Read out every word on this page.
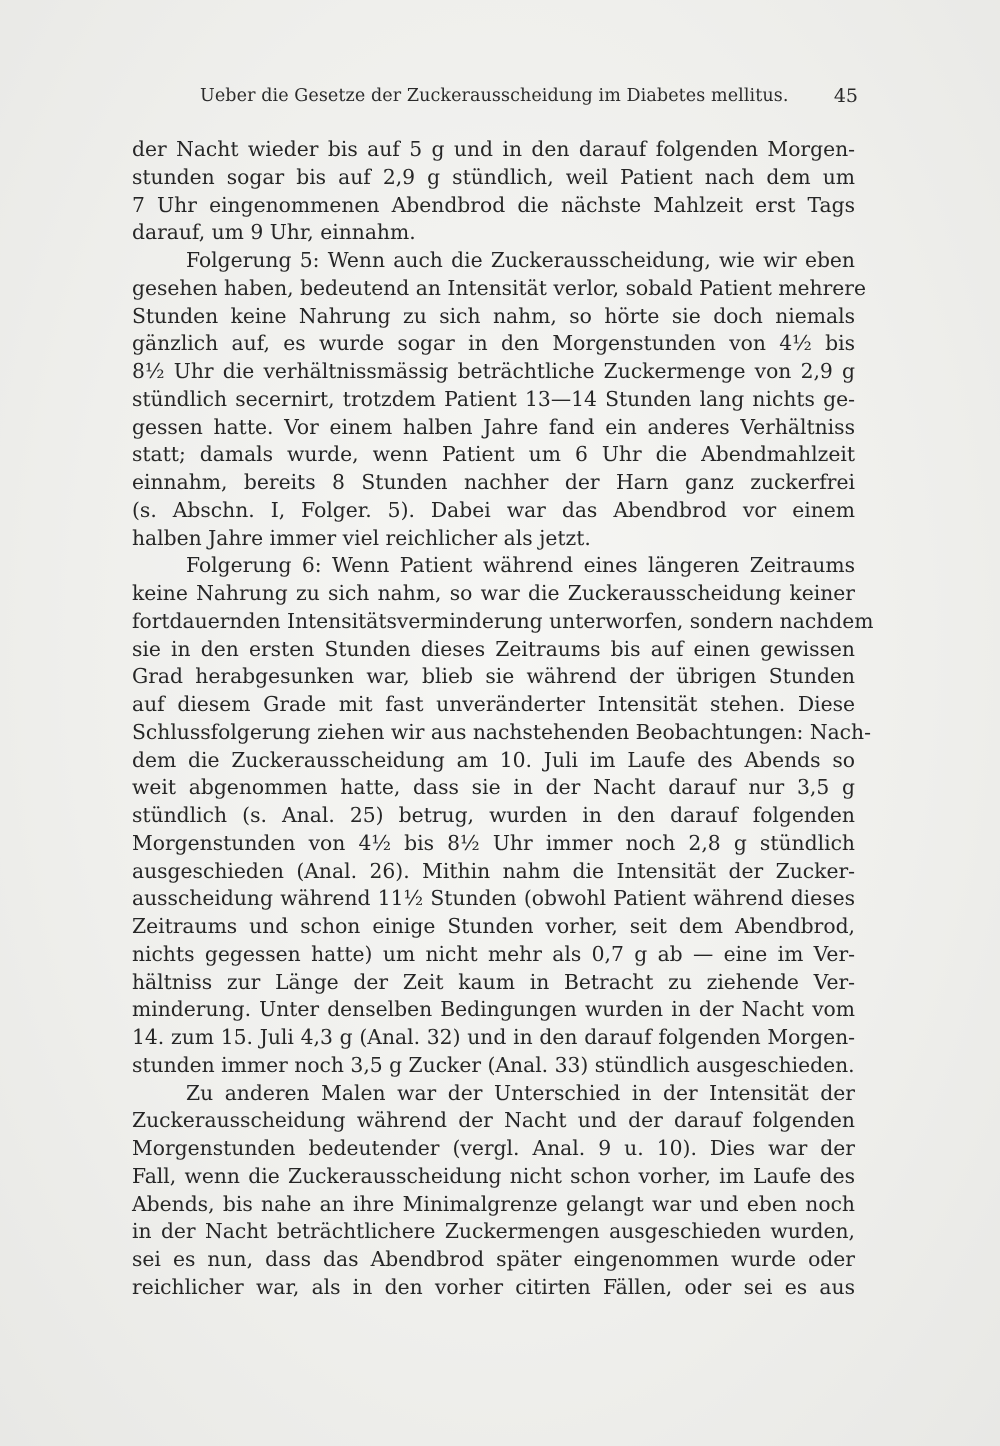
Ueber die Gesetze der Zuckerausscheidung im Diabetes mellitus. 45
der Nacht wieder bis auf 5 g und in den darauf folgenden Morgen-
stunden sogar bis auf 2,9 g stündlich, weil Patient nach dem um
7 Uhr eingenommenen Abendbrod die nächste Mahlzeit erst Tags
darauf, um 9 Uhr, einnahm.
Folgerung 5: Wenn auch die Zuckerausscheidung, wie wir eben
gesehen haben, bedeutend an Intensität verlor, sobald Patient mehrere
Stunden keine Nahrung zu sich nahm, so hörte sie doch niemals
gänzlich auf, es wurde sogar in den Morgenstunden von 4½ bis
8½ Uhr die verhältnissmässig beträchtliche Zuckermenge von 2,9 g
stündlich secernirt, trotzdem Patient 13—14 Stunden lang nichts ge-
gessen hatte. Vor einem halben Jahre fand ein anderes Verhältniss
statt; damals wurde, wenn Patient um 6 Uhr die Abendmahlzeit
einnahm, bereits 8 Stunden nachher der Harn ganz zuckerfrei
(s. Abschn. I, Folger. 5). Dabei war das Abendbrod vor einem
halben Jahre immer viel reichlicher als jetzt.
Folgerung 6: Wenn Patient während eines längeren Zeitraums
keine Nahrung zu sich nahm, so war die Zuckerausscheidung keiner
fortdauernden Intensitätsverminderung unterworfen, sondern nachdem
sie in den ersten Stunden dieses Zeitraums bis auf einen gewissen
Grad herabgesunken war, blieb sie während der übrigen Stunden
auf diesem Grade mit fast unveränderter Intensität stehen. Diese
Schlussfolgerung ziehen wir aus nachstehenden Beobachtungen: Nach-
dem die Zuckerausscheidung am 10. Juli im Laufe des Abends so
weit abgenommen hatte, dass sie in der Nacht darauf nur 3,5 g
stündlich (s. Anal. 25) betrug, wurden in den darauf folgenden
Morgenstunden von 4½ bis 8½ Uhr immer noch 2,8 g stündlich
ausgeschieden (Anal. 26). Mithin nahm die Intensität der Zucker-
ausscheidung während 11½ Stunden (obwohl Patient während dieses
Zeitraums und schon einige Stunden vorher, seit dem Abendbrod,
nichts gegessen hatte) um nicht mehr als 0,7 g ab — eine im Ver-
hältniss zur Länge der Zeit kaum in Betracht zu ziehende Ver-
minderung. Unter denselben Bedingungen wurden in der Nacht vom
14. zum 15. Juli 4,3 g (Anal. 32) und in den darauf folgenden Morgen-
stunden immer noch 3,5 g Zucker (Anal. 33) stündlich ausgeschieden.
Zu anderen Malen war der Unterschied in der Intensität der
Zuckerausscheidung während der Nacht und der darauf folgenden
Morgenstunden bedeutender (vergl. Anal. 9 u. 10). Dies war der
Fall, wenn die Zuckerausscheidung nicht schon vorher, im Laufe des
Abends, bis nahe an ihre Minimalgrenze gelangt war und eben noch
in der Nacht beträchtlichere Zuckermengen ausgeschieden wurden,
sei es nun, dass das Abendbrod später eingenommen wurde oder
reichlicher war, als in den vorher citirten Fällen, oder sei es aus
